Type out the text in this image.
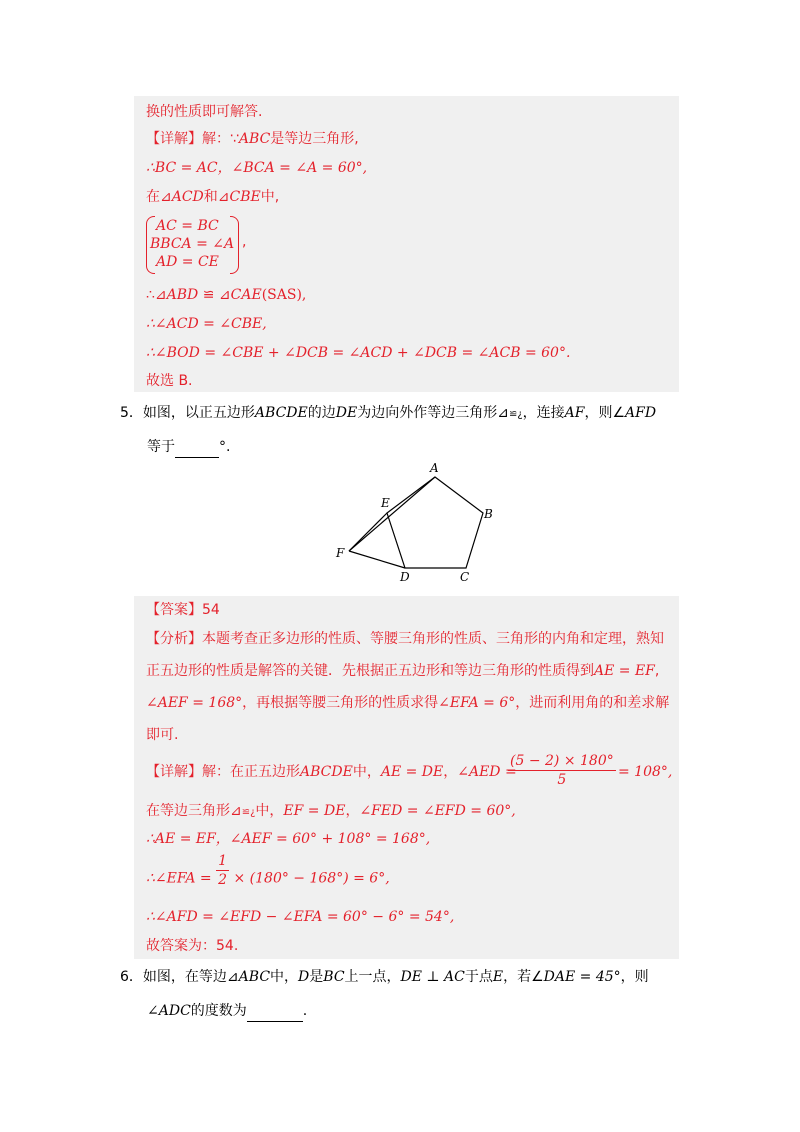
换的性质即可解答.
【详解】解：∵ABC是等边三角形,
∴BC = AC，∠BCA = ∠A = 60°,
在⊿ACD和⊿CBE中,
AC = BC
BBCA = ∠A
AD = CE
,
∴⊿ABD ≌ ⊿CAE(SAS),
∴∠ACD = ∠CBE,
∴∠BOD = ∠CBE + ∠DCB = ∠ACD + ∠DCB = ∠ACB = 60°.
故选 B.
5．如图，以正五边形ABCDE的边DE为边向外作等边三角形⊿≌¿，连接AF，则∠AFD
等于	°.
A
B
C
D
E
F
【答案】54
【分析】本题考查正多边形的性质、等腰三角形的性质、三角形的内角和定理，熟知
正五边形的性质是解答的关键．先根据正五边形和等边三角形的性质得到AE = EF,
∠AEF = 168°，再根据等腰三角形的性质求得∠EFA = 6°，进而利用角的和差求解
即可.
【详解】解：在正五边形ABCDE中，AE = DE，∠AED =
$\frac{(5 - 2) \times 180^\circ}{5} = 108^\circ$,
在等边三角形⊿≌¿中，EF = DE，∠FED = ∠EFD = 60°,
∴AE = EF，∠AEF = 60° + 108° = 168°,
∴∠EFA = $\frac{1}{2} \times (180^\circ - 168^\circ) = 6^\circ$,
∴∠AFD = ∠EFD − ∠EFA = 60° − 6° = 54°,
故答案为：54.
6．如图，在等边⊿ABC中，D是BC上一点，DE ⊥ AC于点E，若∠DAE = 45°，则
∠ADC的度数为	.
